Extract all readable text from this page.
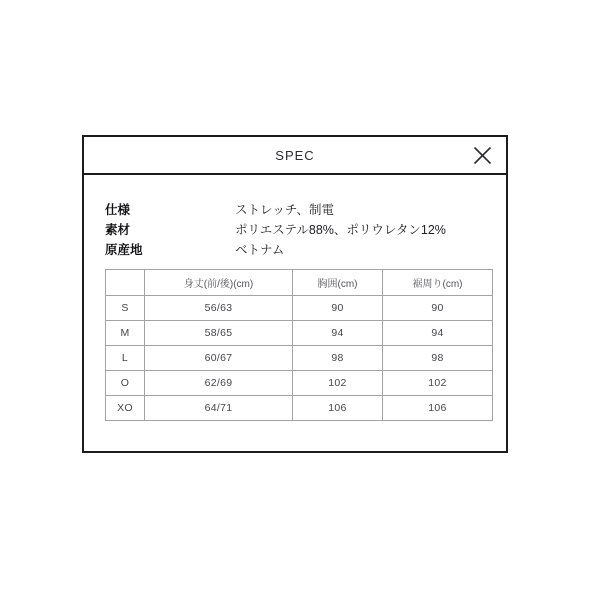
SPEC
仕様	ストレッチ、制電
素材	ポリエステル88%、ポリウレタン12%
原産地	ベトナム
	身丈(前/後)(cm)	胸囲(cm)	裾周り(cm)
S	56/63	90	90
M	58/65	94	94
L	60/67	98	98
O	62/69	102	102
XO	64/71	106	106
